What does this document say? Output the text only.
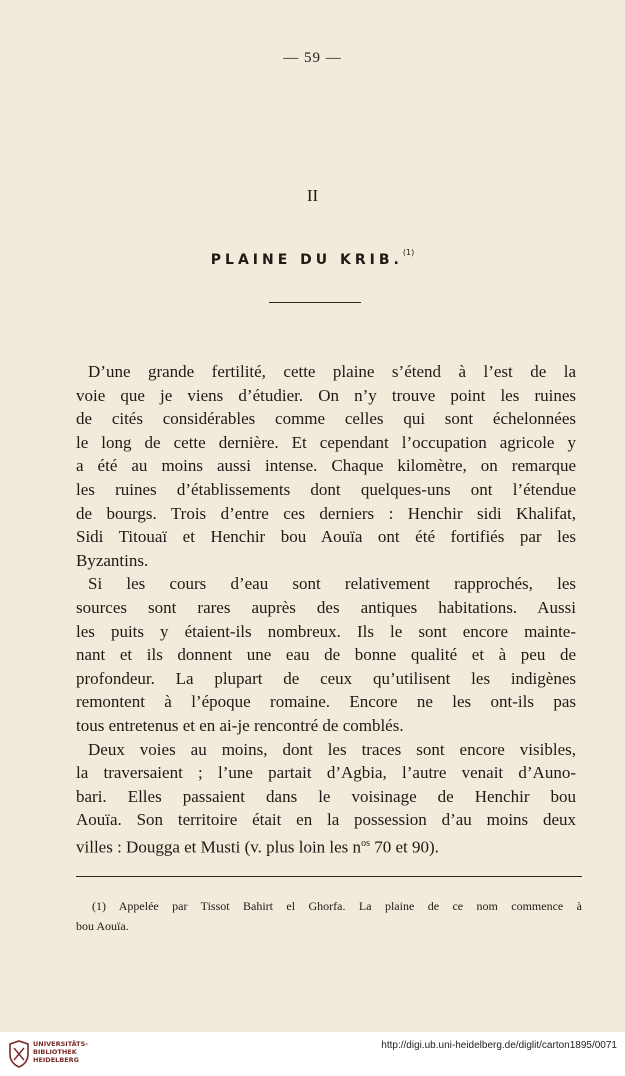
— 59 —
II
PLAINE DU KRIB.$^{(1)}$
D’une grande fertilité, cette plaine s’étend à l’est de la
voie que je viens d’étudier. On n’y trouve point les ruines
de cités considérables comme celles qui sont échelonnées
le long de cette dernière. Et cependant l’occupation agricole y
a été au moins aussi intense. Chaque kilomètre, on remarque
les ruines d’établissements dont quelques-uns ont l’étendue
de bourgs. Trois d’entre ces derniers : Henchir sidi Khalifat,
Sidi Titouaï et Henchir bou Aouïa ont été fortifiés par les
Byzantins.
Si les cours d’eau sont relativement rapprochés, les
sources sont rares auprès des antiques habitations. Aussi
les puits y étaient-ils nombreux. Ils le sont encore mainte-
nant et ils donnent une eau de bonne qualité et à peu de
profondeur. La plupart de ceux qu’utilisent les indigènes
remontent à l’époque romaine. Encore ne les ont-ils pas
tous entretenus et en ai-je rencontré de comblés.
Deux voies au moins, dont les traces sont encore visibles,
la traversaient ; l’une partait d’Agbia, l’autre venait d’Auno-
bari. Elles passaient dans le voisinage de Henchir bou
Aouïa. Son territoire était en la possession d’au moins deux
villes : Dougga et Musti (v. plus loin les $n^{os}$ 70 et 90).
(1) Appelée par Tissot Bahirt el Ghorfa. La plaine de ce nom commence à
bou Aouïa.
UNIVERSITÄTS-
BIBLIOTHEK
HEIDELBERG
http://digi.ub.uni-heidelberg.de/diglit/carton1895/0071
